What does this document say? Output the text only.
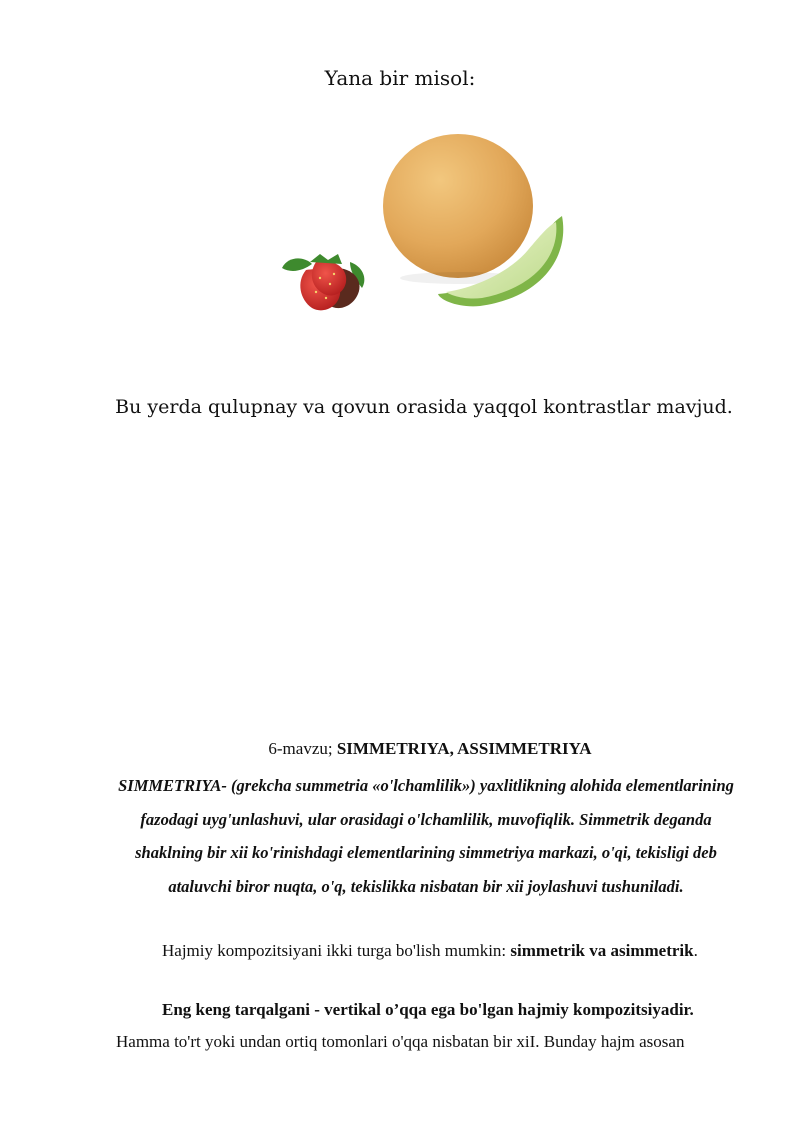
Yana bir misol:
Bu yerda qulupnay va qovun orasida yaqqol kontrastlar mavjud.
6-mavzu; SIMMETRIYA, ASSIMMETRIYA
SIMMETRIYA- (grekcha summetria «o'lchamlilik») yaxlitlikning alohida elementlarining fazodagi uyg'unlashuvi, ular orasidagi o'lchamlilik, muvofiqlik. Simmetrik deganda shaklning bir xii ko'rinishdagi elementlarining simmetriya markazi, o'qi, tekisligi deb ataluvchi biror nuqta, o'q, tekislikka nisbatan bir xii joylashuvi tushuniladi.
Hajmiy kompozitsiyani ikki turga bo'lish mumkin: simmetrik va asimmetrik.
Eng keng tarqalgani - vertikal o’qqa ega bo'lgan hajmiy kompozitsiyadir.
Hamma to'rt yoki undan ortiq tomonlari o'qqa nisbatan bir xiI. Bunday hajm asosan
